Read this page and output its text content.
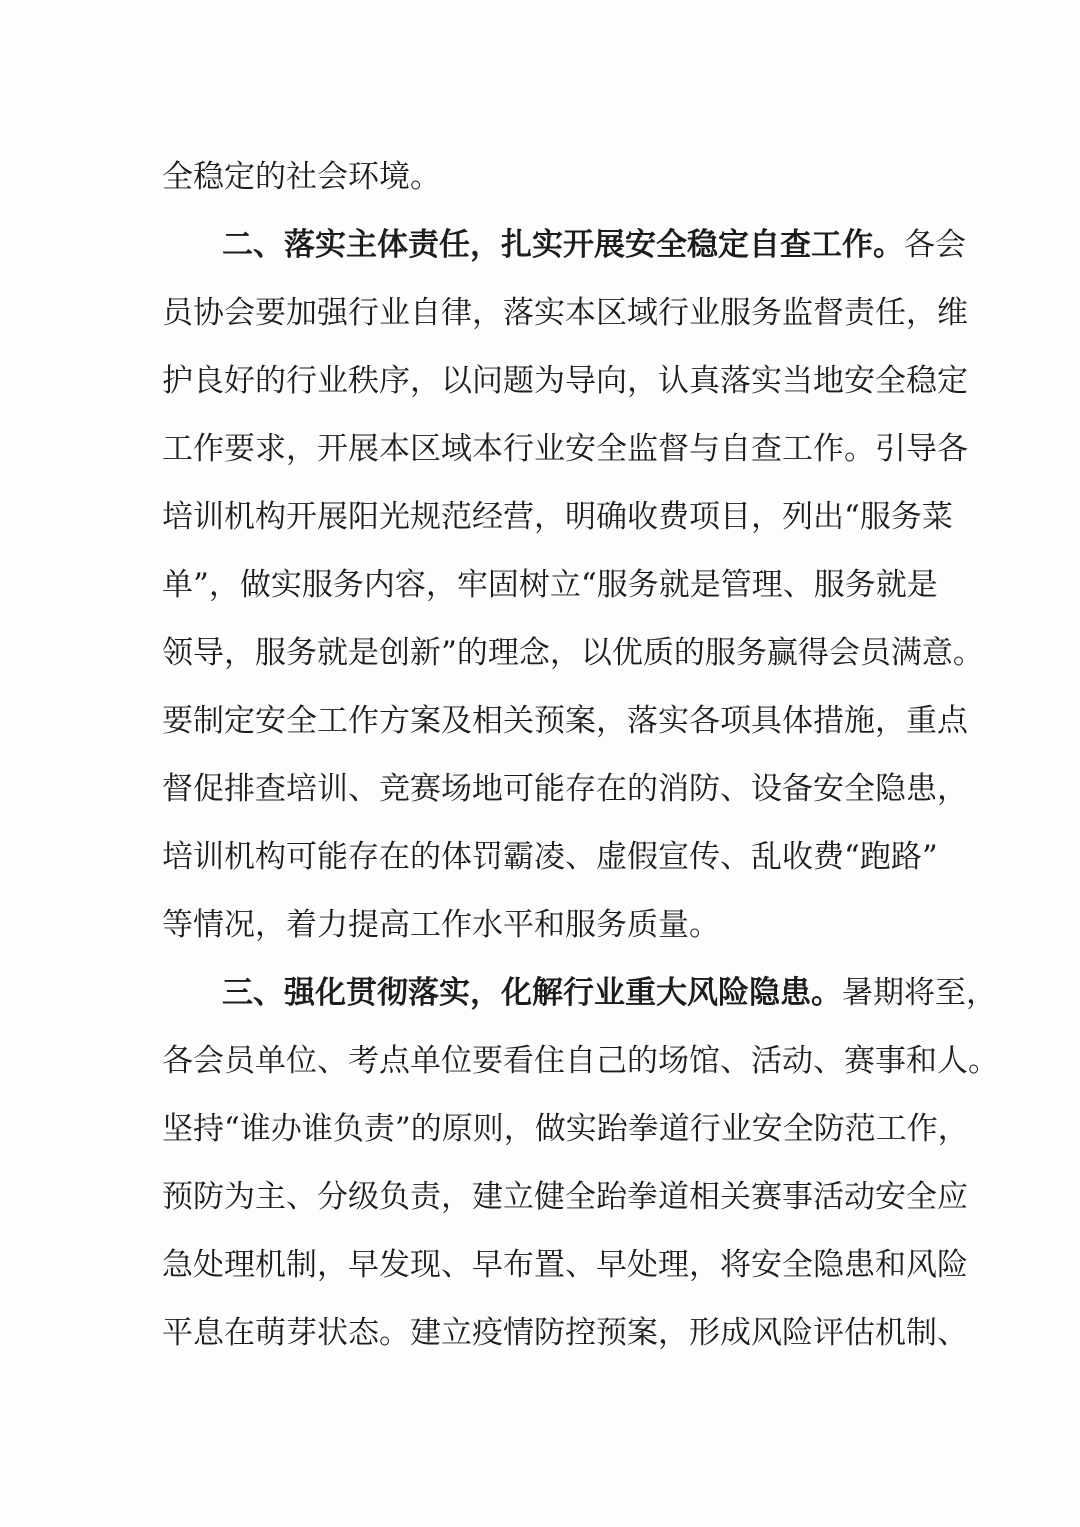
全稳定的社会环境。
二、落实主体责任，扎实开展安全稳定自查工作。各会
员协会要加强行业自律，落实本区域行业服务监督责任，维
护良好的行业秩序，以问题为导向，认真落实当地安全稳定
工作要求，开展本区域本行业安全监督与自查工作。引导各
培训机构开展阳光规范经营，明确收费项目，列出“服务菜
单”，做实服务内容，牢固树立“服务就是管理、服务就是
领导，服务就是创新”的理念，以优质的服务赢得会员满意。
要制定安全工作方案及相关预案，落实各项具体措施，重点
督促排查培训、竞赛场地可能存在的消防、设备安全隐患，
培训机构可能存在的体罚霸凌、虚假宣传、乱收费“跑路”
等情况，着力提高工作水平和服务质量。
三、强化贯彻落实，化解行业重大风险隐患。暑期将至，
各会员单位、考点单位要看住自己的场馆、活动、赛事和人。
坚持“谁办谁负责”的原则，做实跆拳道行业安全防范工作，
预防为主、分级负责，建立健全跆拳道相关赛事活动安全应
急处理机制，早发现、早布置、早处理，将安全隐患和风险
平息在萌芽状态。建立疫情防控预案，形成风险评估机制、
